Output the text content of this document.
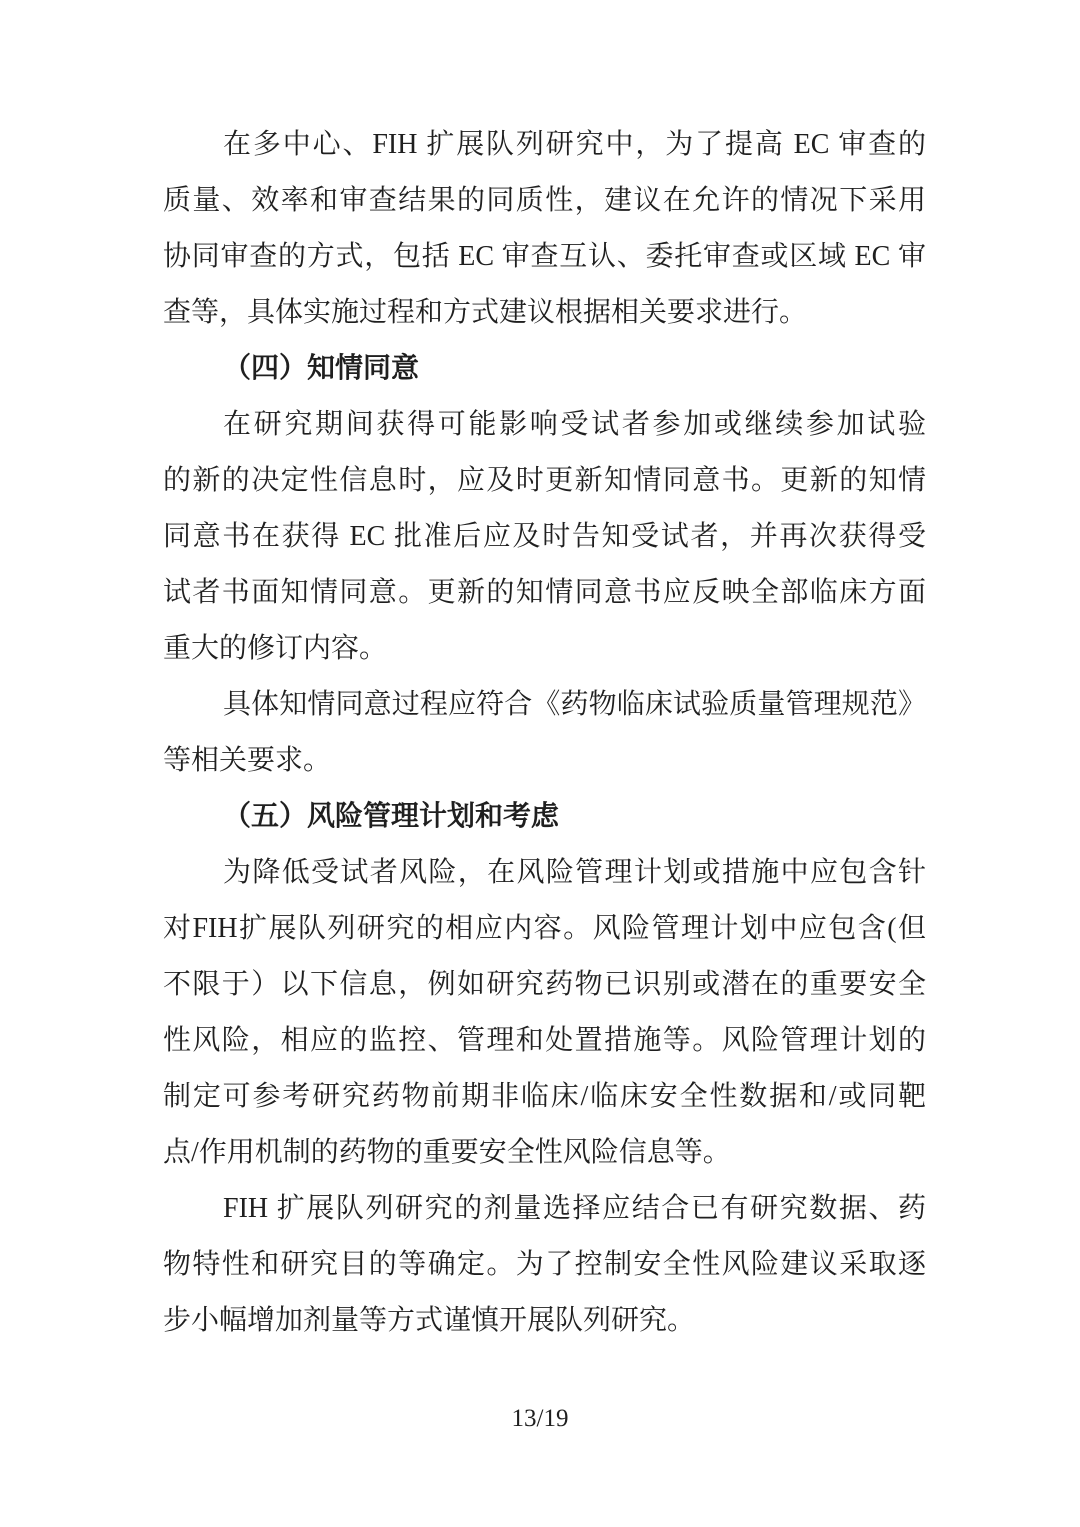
在多中心、FIH 扩展队列研究中，为了提高 EC 审查的
质量、效率和审查结果的同质性，建议在允许的情况下采用
协同审查的方式，包括 EC 审查互认、委托审查或区域 EC 审
查等，具体实施过程和方式建议根据相关要求进行。
（四）知情同意
在研究期间获得可能影响受试者参加或继续参加试验
的新的决定性信息时，应及时更新知情同意书。更新的知情
同意书在获得 EC 批准后应及时告知受试者，并再次获得受
试者书面知情同意。更新的知情同意书应反映全部临床方面
重大的修订内容。
具体知情同意过程应符合《药物临床试验质量管理规范》
等相关要求。
（五）风险管理计划和考虑
为降低受试者风险，在风险管理计划或措施中应包含针
对FIH扩展队列研究的相应内容。风险管理计划中应包含(但
不限于）以下信息，例如研究药物已识别或潜在的重要安全
性风险，相应的监控、管理和处置措施等。风险管理计划的
制定可参考研究药物前期非临床/临床安全性数据和/或同靶
点/作用机制的药物的重要安全性风险信息等。
FIH 扩展队列研究的剂量选择应结合已有研究数据、药
物特性和研究目的等确定。为了控制安全性风险建议采取逐
步小幅增加剂量等方式谨慎开展队列研究。
13/19
